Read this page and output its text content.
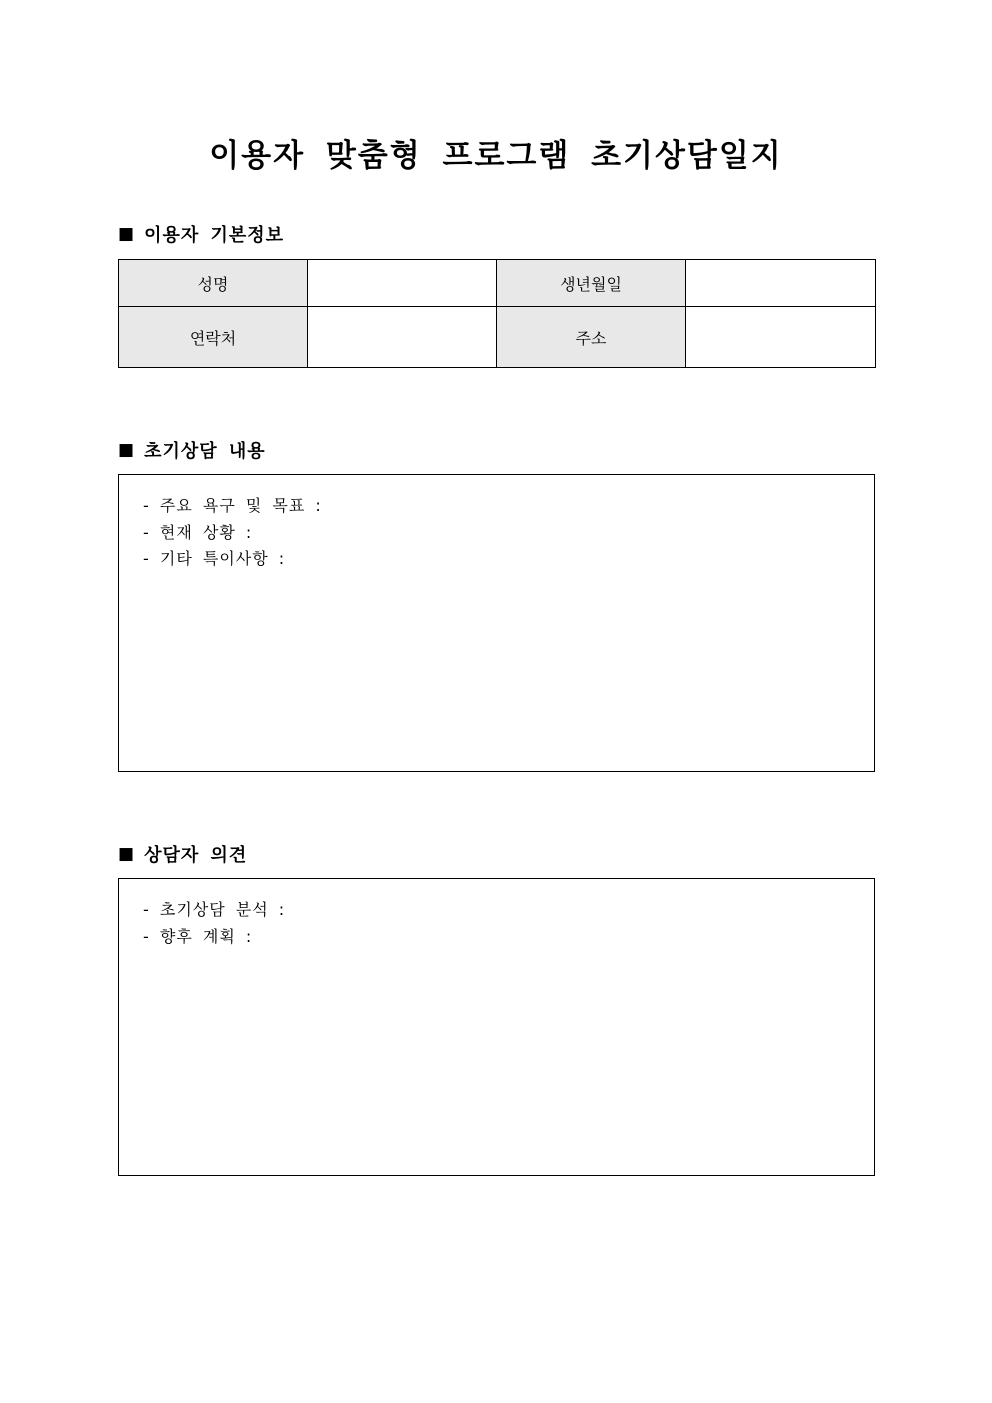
이용자 맞춤형 프로그램 초기상담일지
■ 이용자 기본정보
성명		생년월일	
연락처		주소	
■ 초기상담 내용
- 주요 욕구 및 목표 :
- 현재 상황 :
- 기타 특이사항 :
■ 상담자 의견
- 초기상담 분석 :
- 향후 계획 :
